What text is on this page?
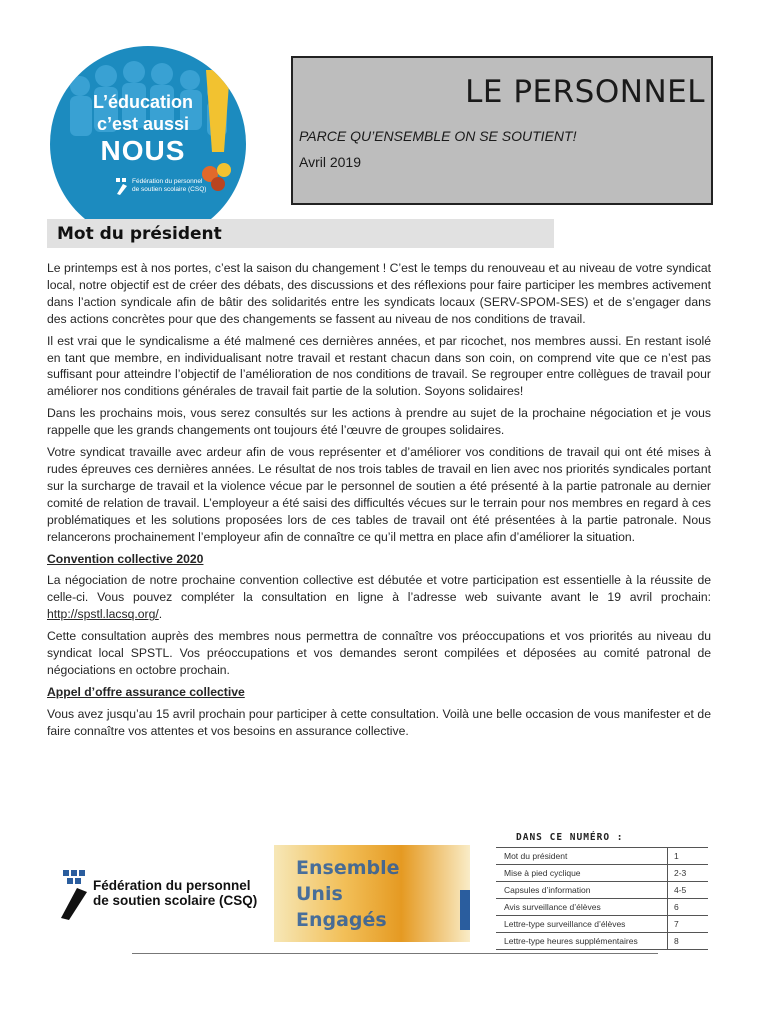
L’éducation
c’est aussi
NOUS
Fédération du personnel
de soutien scolaire (CSQ)
LE PERSONNEL
PARCE QU’ENSEMBLE ON SE SOUTIENT!
Avril 2019
Mot du président

Le printemps est à nos portes, c’est la saison du changement ! C’est le temps du renouveau et au niveau de votre syndicat local, notre objectif est de créer des débats, des discussions et des réflexions pour faire participer les membres activement dans l’action syndicale afin de bâtir des solidarités entre les syndicats locaux (SERV-SPOM-SES) et de s’engager dans des actions concrètes pour que des changements se fassent au niveau de nos conditions de travail.

Il est vrai que le syndicalisme a été malmené ces dernières années, et par ricochet, nos membres aussi. En restant isolé en tant que membre, en individualisant notre travail et restant chacun dans son coin, on comprend vite que ce n’est pas suffisant pour atteindre l’objectif de l’amélioration de nos conditions de travail. Se regrouper entre collègues de travail pour améliorer nos conditions générales de travail fait partie de la solution. Soyons solidaires!

Dans les prochains mois, vous serez consultés sur les actions à prendre au sujet de la prochaine négociation et je vous rappelle que les grands changements ont toujours été l’œuvre de groupes solidaires.

Votre syndicat travaille avec ardeur afin de vous représenter et d’améliorer vos conditions de travail qui ont été mises à rudes épreuves ces dernières années. Le résultat de nos trois tables de travail en lien avec nos priorités syndicales portant sur la surcharge de travail et la violence vécue par le personnel de soutien a été présenté à la partie patronale au dernier comité de relation de travail. L’employeur a été saisi des difficultés vécues sur le terrain pour nos membres en regard à ces problématiques et les solutions proposées lors de ces tables de travail ont été présentées à la partie patronale. Nous relancerons prochainement l’employeur afin de connaître ce qu’il mettra en place afin d’améliorer la situation.

Convention collective 2020

La négociation de notre prochaine convention collective est débutée et votre participation est essentielle à la réussite de celle-ci. Vous pouvez compléter la consultation en ligne à l’adresse web suivante avant le 19 avril prochain: http://spstl.lacsq.org/.

Cette consultation auprès des membres nous permettra de connaître vos préoccupations et vos priorités au niveau du syndicat local SPSTL. Vos préoccupations et vos demandes seront compilées et déposées au comité patronal de négociations en octobre prochain.

Appel d’offre assurance collective

Vous avez jusqu’au 15 avril prochain pour participer à cette consultation. Voilà une belle occasion de vous manifester et de faire connaître vos attentes et vos besoins en assurance collective.

DANS CE NUMÉRO :
Mot du président	1
Mise à pied cyclique	2-3
Capsules d’information	4-5
Avis surveillance d’élèves	6
Lettre-type surveillance d’élèves	7
Lettre-type heures supplémentaires	8
Fédération du personnel
de soutien scolaire (CSQ)
Ensemble
Unis
Engagés
